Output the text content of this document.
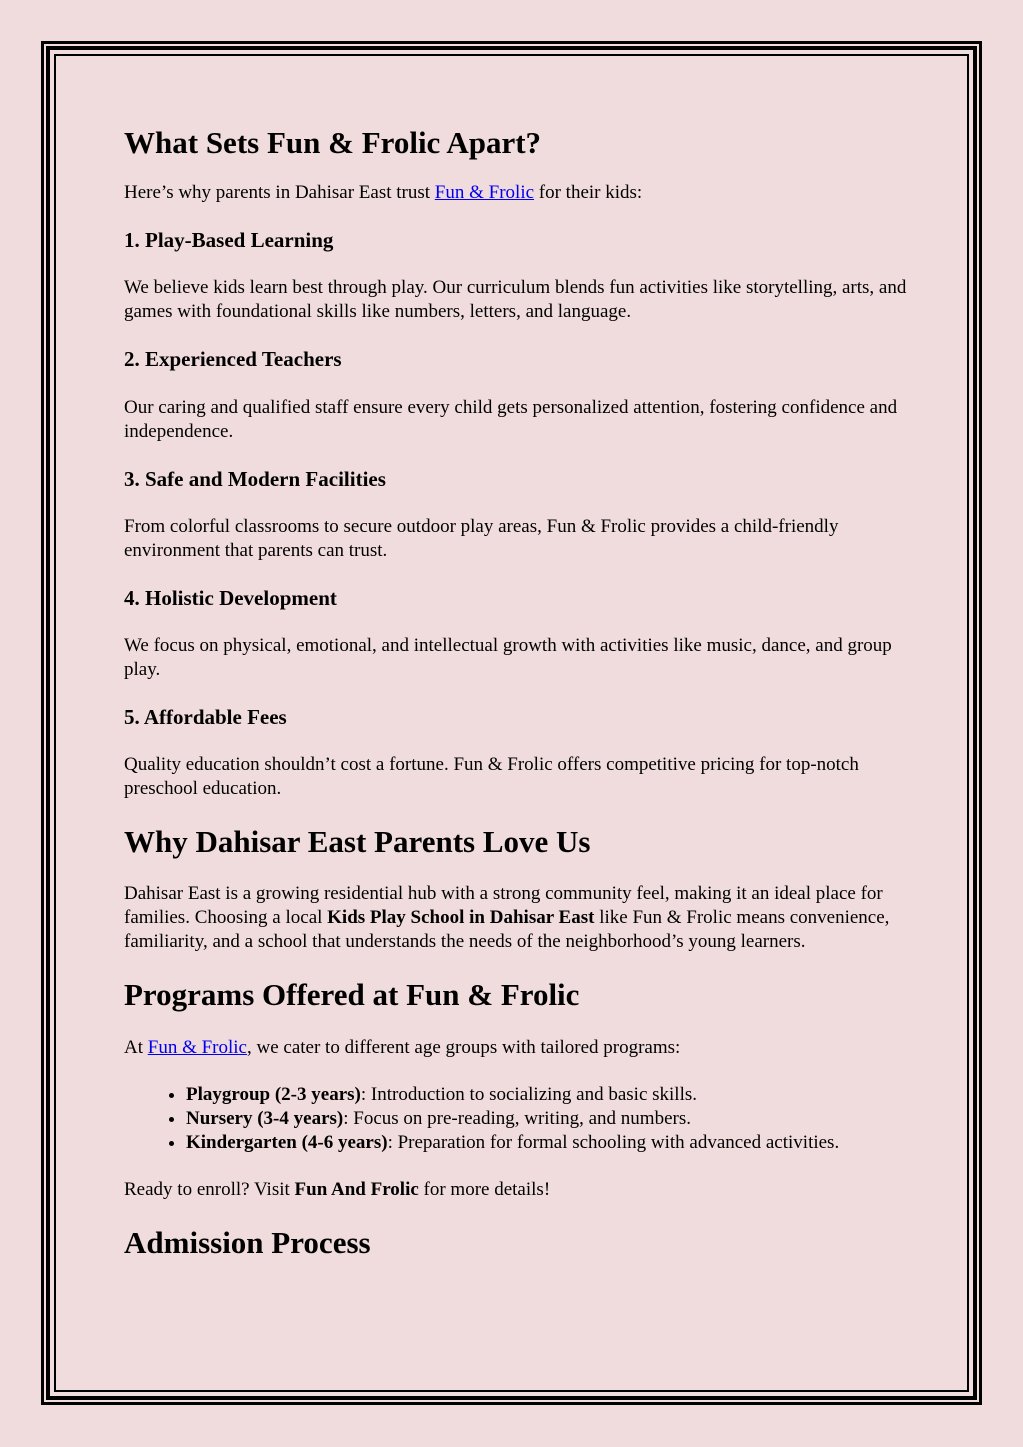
What Sets Fun & Frolic Apart?

Here’s why parents in Dahisar East trust Fun & Frolic for their kids:

1. Play-Based Learning

We believe kids learn best through play. Our curriculum blends fun activities like storytelling, arts, and games with foundational skills like numbers, letters, and language.

2. Experienced Teachers

Our caring and qualified staff ensure every child gets personalized attention, fostering confidence and independence.

3. Safe and Modern Facilities

From colorful classrooms to secure outdoor play areas, Fun & Frolic provides a child-friendly environment that parents can trust.

4. Holistic Development

We focus on physical, emotional, and intellectual growth with activities like music, dance, and group play.

5. Affordable Fees

Quality education shouldn’t cost a fortune. Fun & Frolic offers competitive pricing for top-notch preschool education.

Why Dahisar East Parents Love Us

Dahisar East is a growing residential hub with a strong community feel, making it an ideal place for families. Choosing a local Kids Play School in Dahisar East like Fun & Frolic means convenience, familiarity, and a school that understands the needs of the neighborhood’s young learners.

Programs Offered at Fun & Frolic

At Fun & Frolic, we cater to different age groups with tailored programs:

• Playgroup (2-3 years): Introduction to socializing and basic skills.
• Nursery (3-4 years): Focus on pre-reading, writing, and numbers.
• Kindergarten (4-6 years): Preparation for formal schooling with advanced activities.

Ready to enroll? Visit Fun And Frolic for more details!

Admission Process
